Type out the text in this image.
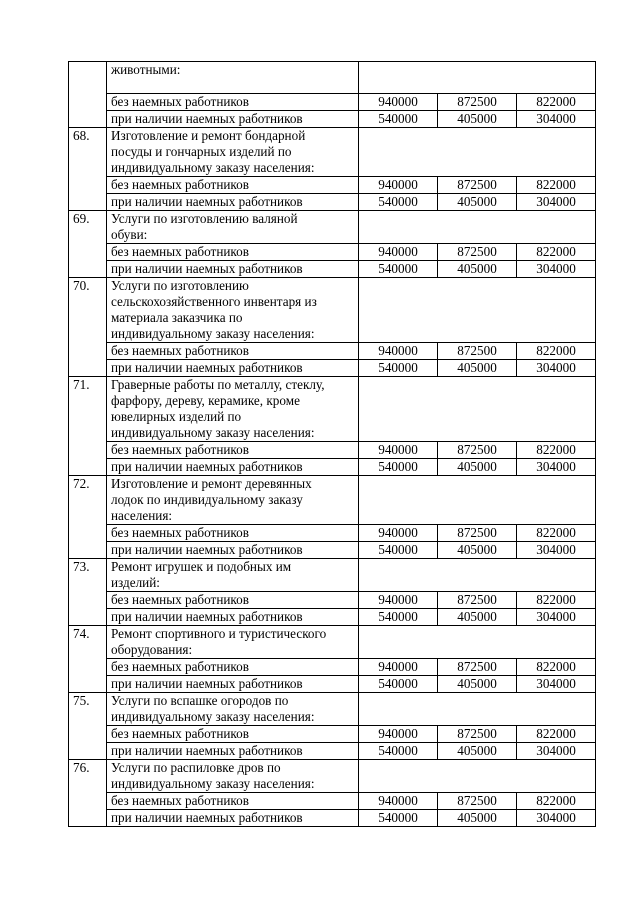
	животными:			
	без наемных работников	940000	872500	822000
	при наличии наемных работников	540000	405000	304000
68.	Изготовление и ремонт бондарной
посуды и гончарных изделий по
индивидуальному заказу населения:			

	без наемных работников	940000	872500	822000
	при наличии наемных работников	540000	405000	304000
69.	Услуги по изготовлению валяной
обуви:			

	без наемных работников	940000	872500	822000
	при наличии наемных работников	540000	405000	304000
70.	Услуги по изготовлению
сельскохозяйственного инвентаря из
материала заказчика по
индивидуальному заказу населения:			

	без наемных работников	940000	872500	822000
	при наличии наемных работников	540000	405000	304000
71.	Граверные работы по металлу, стеклу,
фарфору, дереву, керамике, кроме
ювелирных изделий по
индивидуальному заказу населения:			

	без наемных работников	940000	872500	822000
	при наличии наемных работников	540000	405000	304000
72.	Изготовление и ремонт деревянных
лодок по индивидуальному заказу
населения:			

	без наемных работников	940000	872500	822000
	при наличии наемных работников	540000	405000	304000
73.	Ремонт игрушек и подобных им
изделий:			

	без наемных работников	940000	872500	822000
	при наличии наемных работников	540000	405000	304000
74.	Ремонт спортивного и туристического
оборудования:			

	без наемных работников	940000	872500	822000
	при наличии наемных работников	540000	405000	304000
75.	Услуги по вспашке огородов по
индивидуальному заказу населения:			

	без наемных работников	940000	872500	822000
	при наличии наемных работников	540000	405000	304000
76.	Услуги по распиловке дров по
индивидуальному заказу населения:			

	без наемных работников	940000	872500	822000
	при наличии наемных работников	540000	405000	304000
